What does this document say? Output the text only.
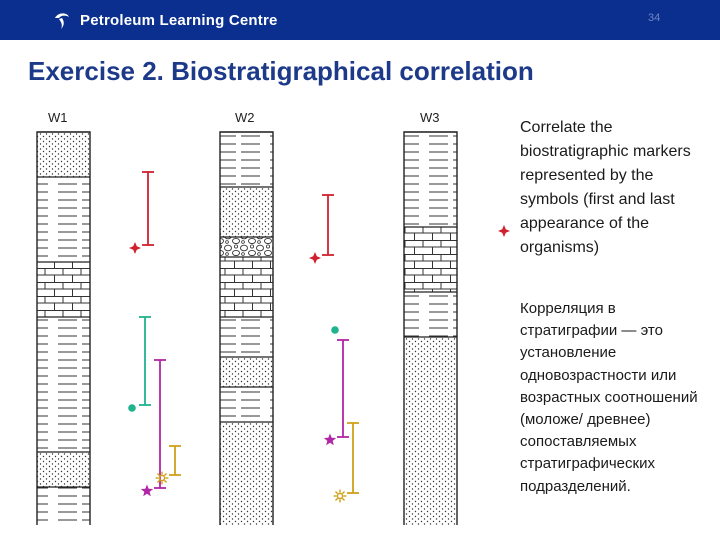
Petroleum Learning Centre	34
Exercise 2. Biostratigraphical correlation
W1	W2	W3
Correlate the biostratigraphic markers represented by the symbols (first and last appearance of the organisms)
Корреляция в стратиграфии — это установление одновозрастности или возрастных соотношений (моложе/ древнее) сопоставляемых стратиграфических подразделений.
